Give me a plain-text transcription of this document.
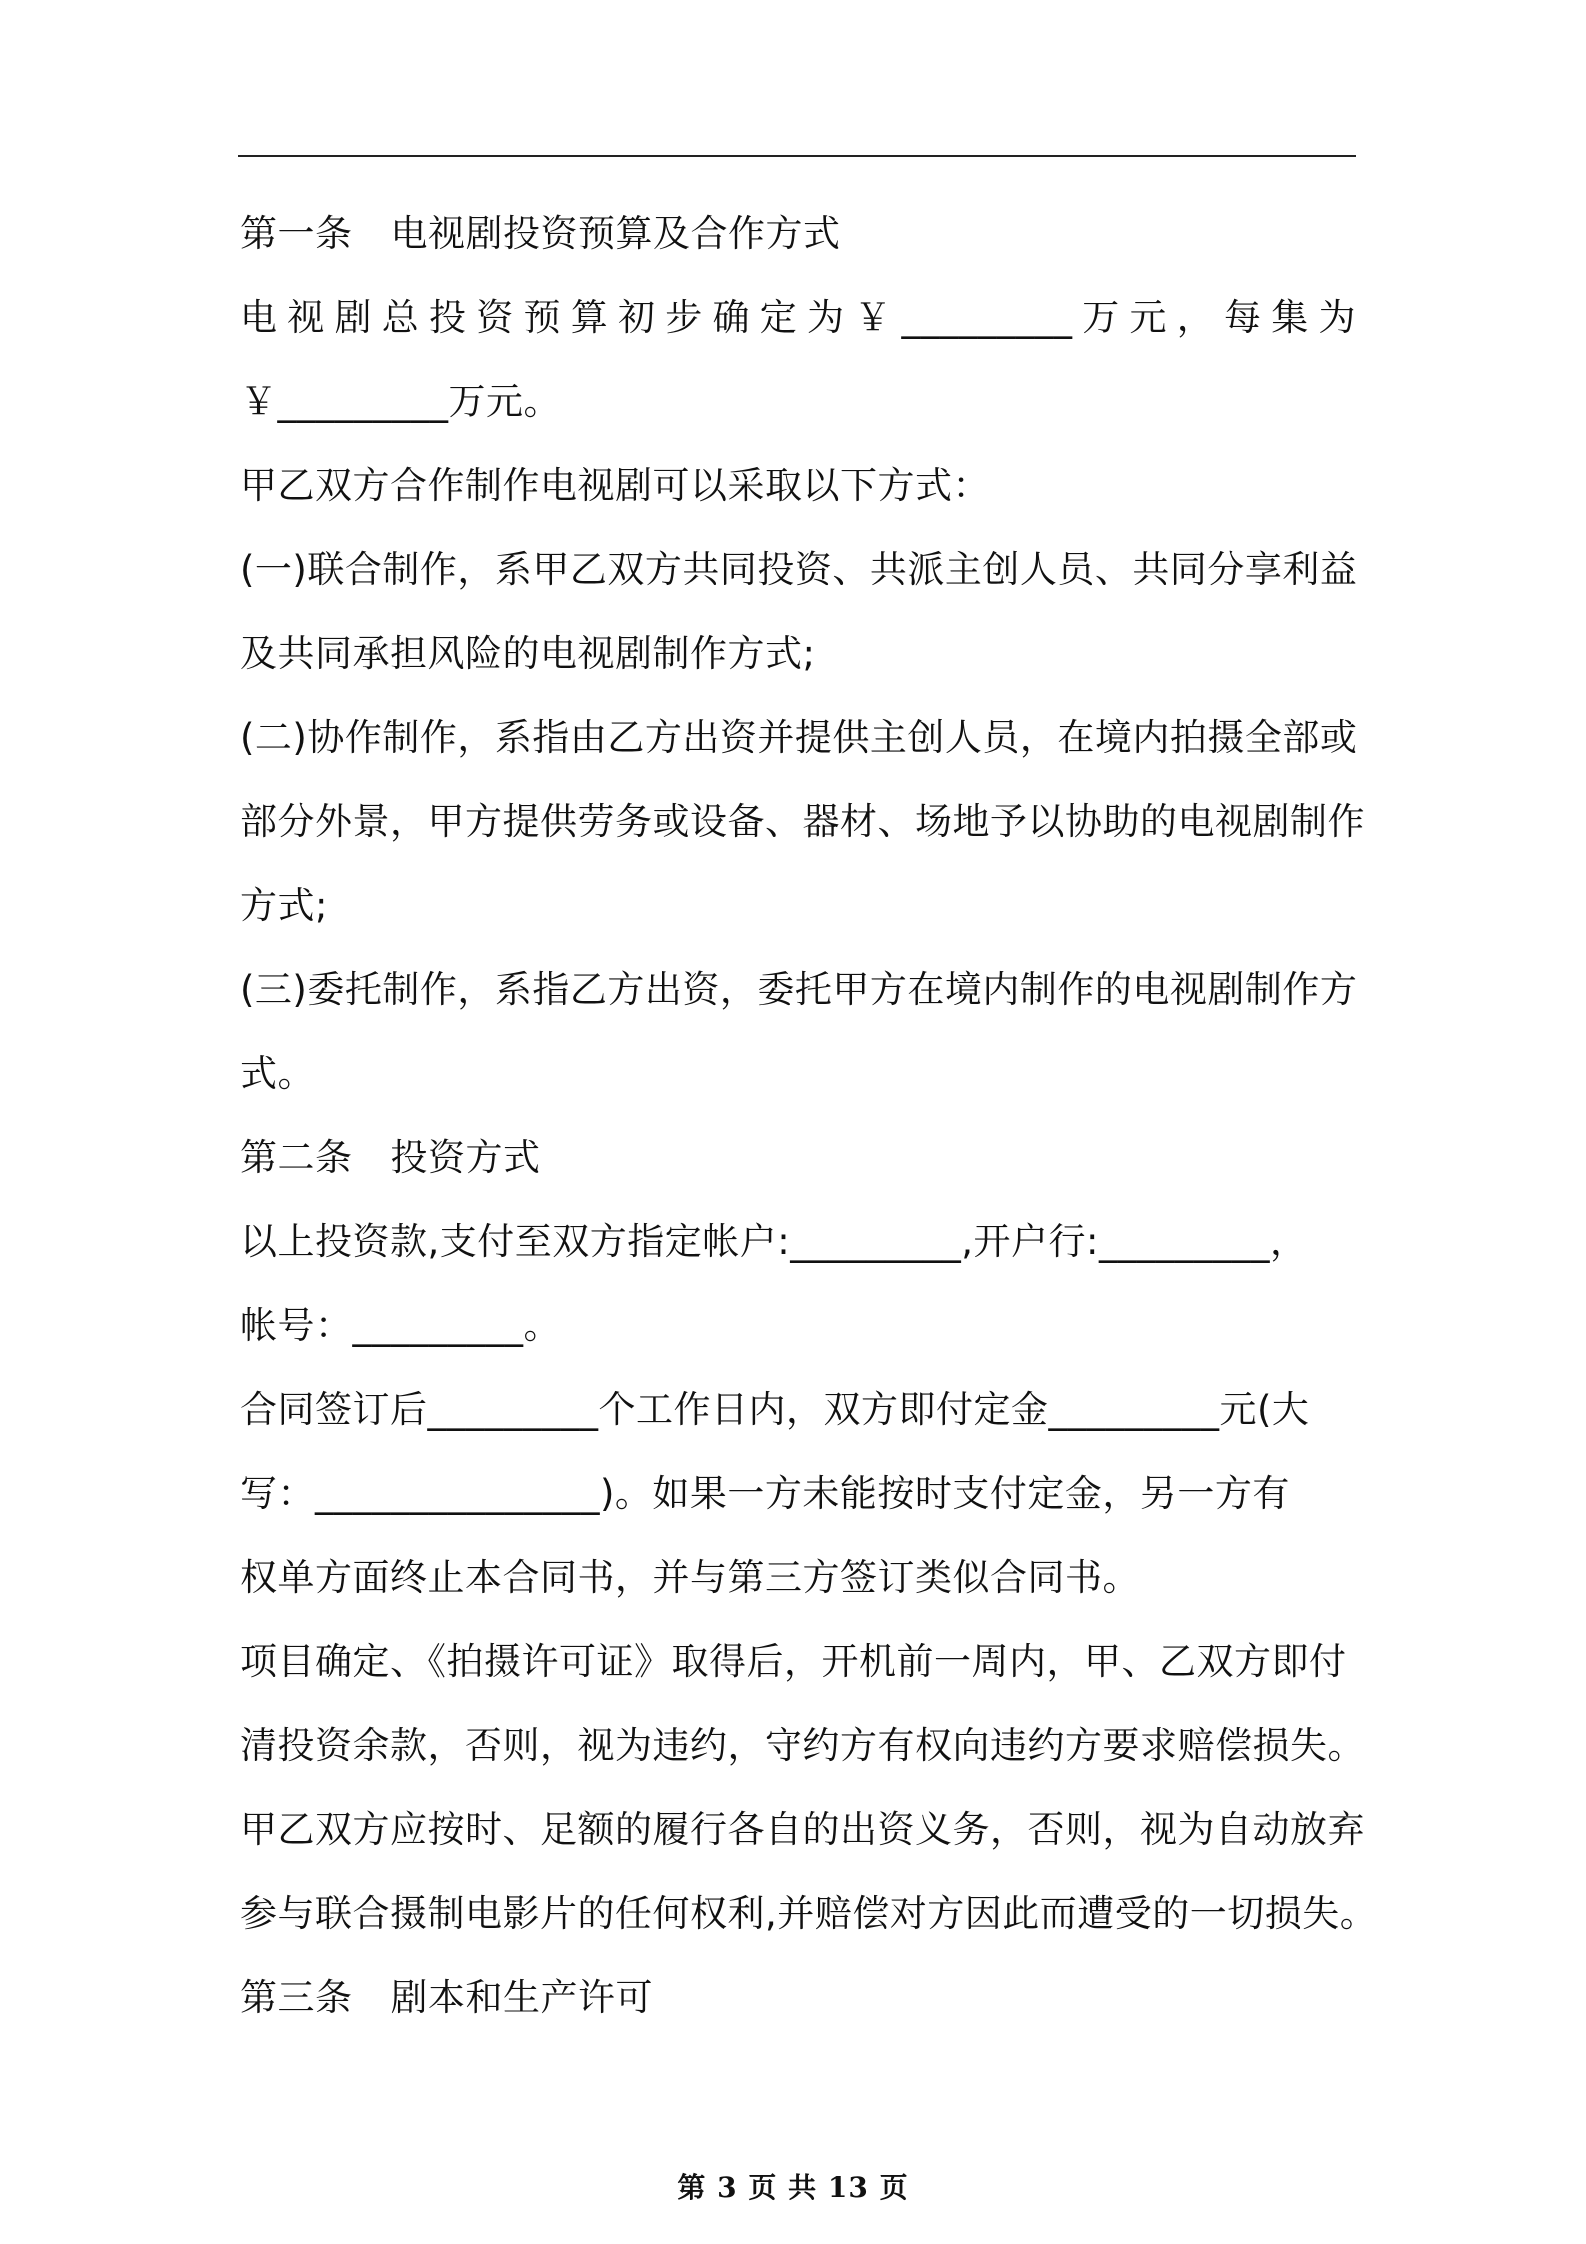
第一条 电视剧投资预算及合作方式
电视剧总投资预算初步确定为￥_________万元，每集为
￥_________万元。
甲乙双方合作制作电视剧可以采取以下方式：
(一)联合制作，系甲乙双方共同投资、共派主创人员、共同分享利益
及共同承担风险的电视剧制作方式;
(二)协作制作，系指由乙方出资并提供主创人员，在境内拍摄全部或
部分外景，甲方提供劳务或设备、器材、场地予以协助的电视剧制作
方式;
(三)委托制作，系指乙方出资，委托甲方在境内制作的电视剧制作方
式。
第二条 投资方式
以上投资款,支付至双方指定帐户:_________,开户行:_________，
帐号：_________。
合同签订后_________个工作日内，双方即付定金_________元(大
写：_______________)。如果一方未能按时支付定金，另一方有
权单方面终止本合同书，并与第三方签订类似合同书。
项目确定、《拍摄许可证》取得后，开机前一周内，甲、乙双方即付
清投资余款，否则，视为违约，守约方有权向违约方要求赔偿损失。
甲乙双方应按时、足额的履行各自的出资义务，否则，视为自动放弃
参与联合摄制电影片的任何权利,并赔偿对方因此而遭受的一切损失。
第三条 剧本和生产许可
第 3 页 共 13 页
